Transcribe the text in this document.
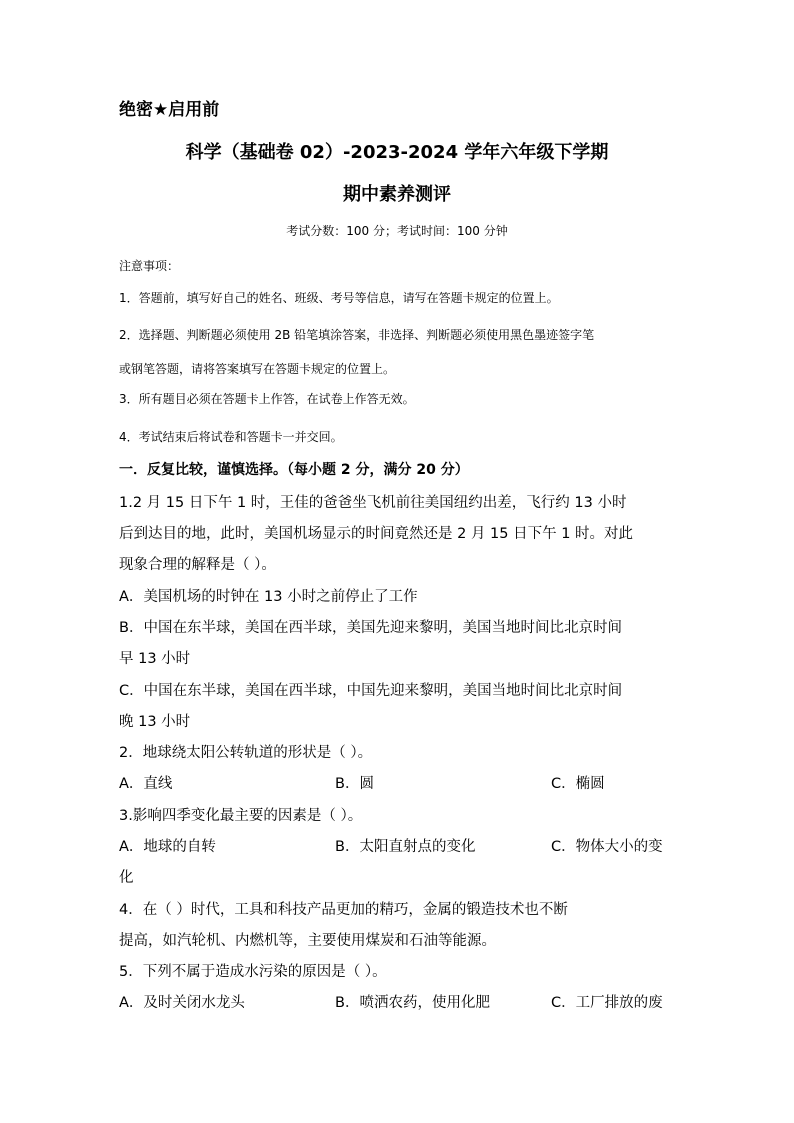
绝密★启用前
科学（基础卷 02）-2023-2024 学年六年级下学期
期中素养测评
考试分数：100 分；考试时间：100 分钟
注意事项：
1．答题前，填写好自己的姓名、班级、考号等信息，请写在答题卡规定的位置上。
2．选择题、判断题必须使用 2B 铅笔填涂答案，非选择、判断题必须使用黑色墨迹签字笔
或钢笔答题，请将答案填写在答题卡规定的位置上。
3．所有题目必须在答题卡上作答，在试卷上作答无效。
4．考试结束后将试卷和答题卡一并交回。
一．反复比较，谨慎选择。（每小题 2 分，满分 20 分）
1.2 月 15 日下午 1 时，王佳的爸爸坐飞机前往美国纽约出差，飞行约 13 小时
后到达目的地，此时，美国机场显示的时间竟然还是 2 月 15 日下午 1 时。对此
现象合理的解释是（ ）。
A．美国机场的时钟在 13 小时之前停止了工作
B．中国在东半球，美国在西半球，美国先迎来黎明，美国当地时间比北京时间
早 13 小时
C．中国在东半球，美国在西半球，中国先迎来黎明，美国当地时间比北京时间
晚 13 小时
2．地球绕太阳公转轨道的形状是（ ）。
A．直线	B．圆	C．椭圆
3.影响四季变化最主要的因素是（ ）。
A．地球的自转	B．太阳直射点的变化	C．物体大小的变
化
4．在（ ）时代，工具和科技产品更加的精巧，金属的锻造技术也不断
提高，如汽轮机、内燃机等，主要使用煤炭和石油等能源。
5．下列不属于造成水污染的原因是（ ）。
A．及时关闭水龙头	B．喷洒农药，使用化肥	C．工厂排放的废
